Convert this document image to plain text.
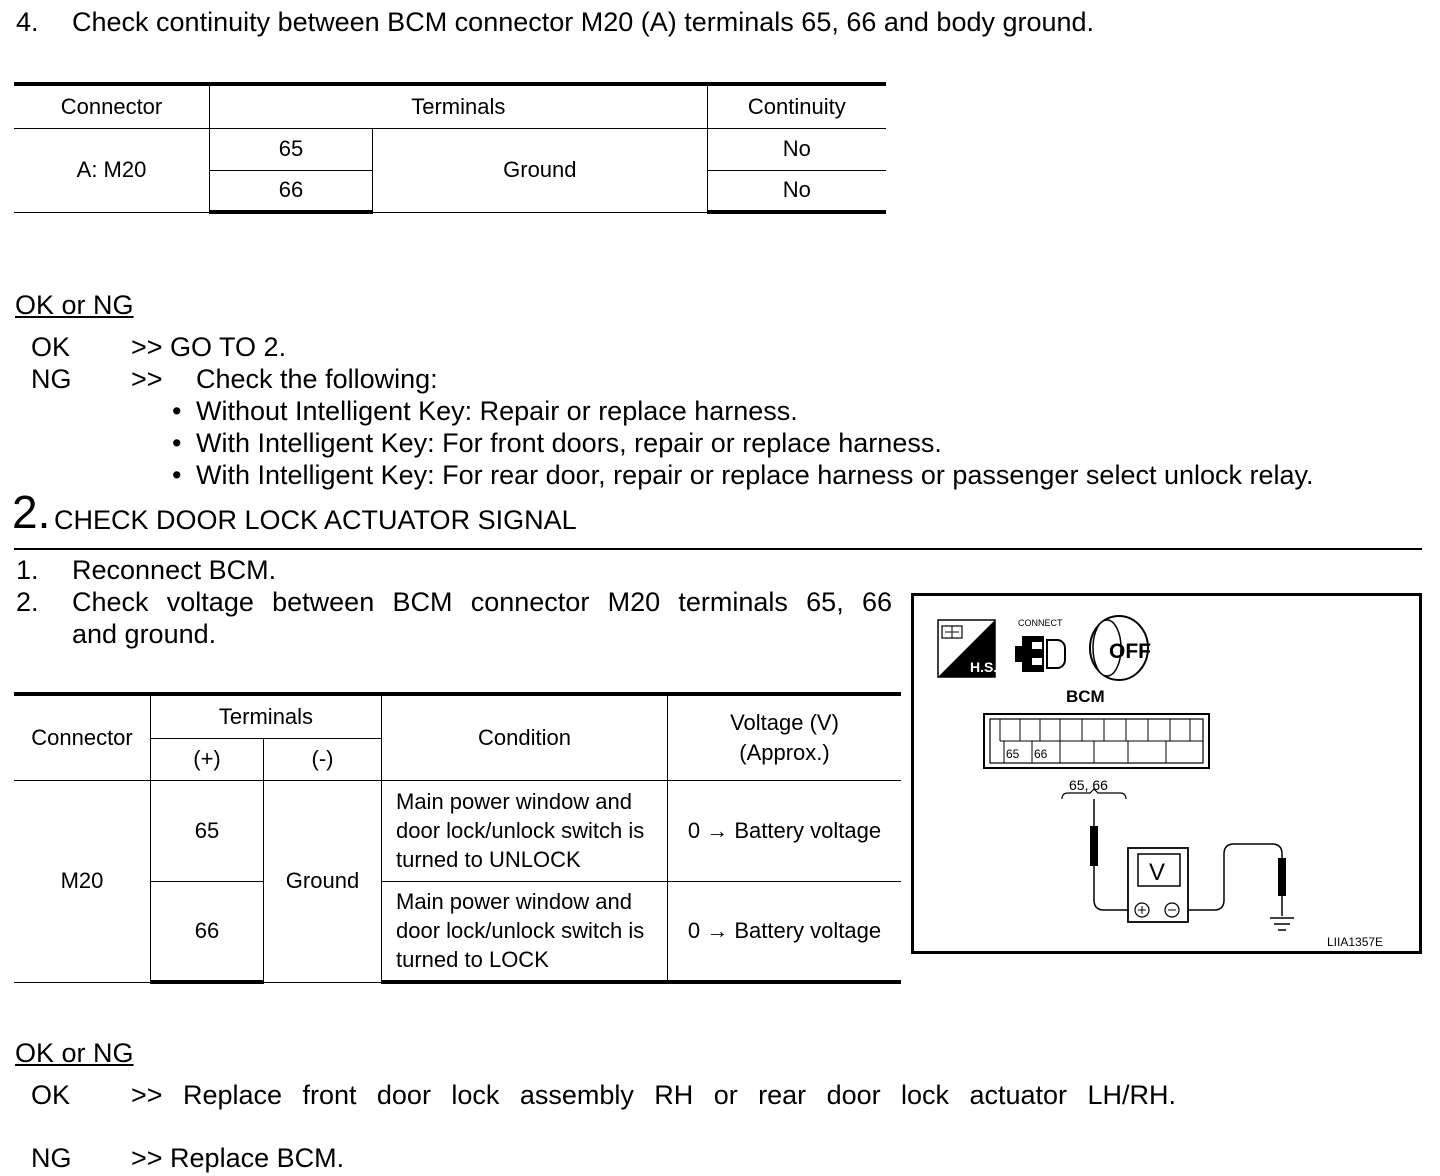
4. Check continuity between BCM connector M20 (A) terminals 65, 66 and body ground.
Connector	Terminals		Continuity
A: M20	65	Ground	No
	66		No
OK or NG
OK >> GO TO 2.
NG >> Check the following:
• Without Intelligent Key: Repair or replace harness.
• With Intelligent Key: For front doors, repair or replace harness.
• With Intelligent Key: For rear door, repair or replace harness or passenger select unlock relay.
2. CHECK DOOR LOCK ACTUATOR SIGNAL
1. Reconnect BCM.
2. Check voltage between BCM connector M20 terminals 65, 66
and ground.
Connector	Terminals		Condition	Voltage (V)
(Approx.)
	(+)	(-)		
M20	65	Ground	Main power window and
door lock/unlock switch is
turned to UNLOCK	0 → Battery voltage
	66		Main power window and
door lock/unlock switch is
turned to LOCK	0 → Battery voltage
H.S.
CONNECT
OFF
BCM
65 66
65, 66
V
LIIA1357E
OK or NG
OK >> Replace front door lock assembly RH or rear door lock actuator LH/RH.
NG >> Replace BCM.
